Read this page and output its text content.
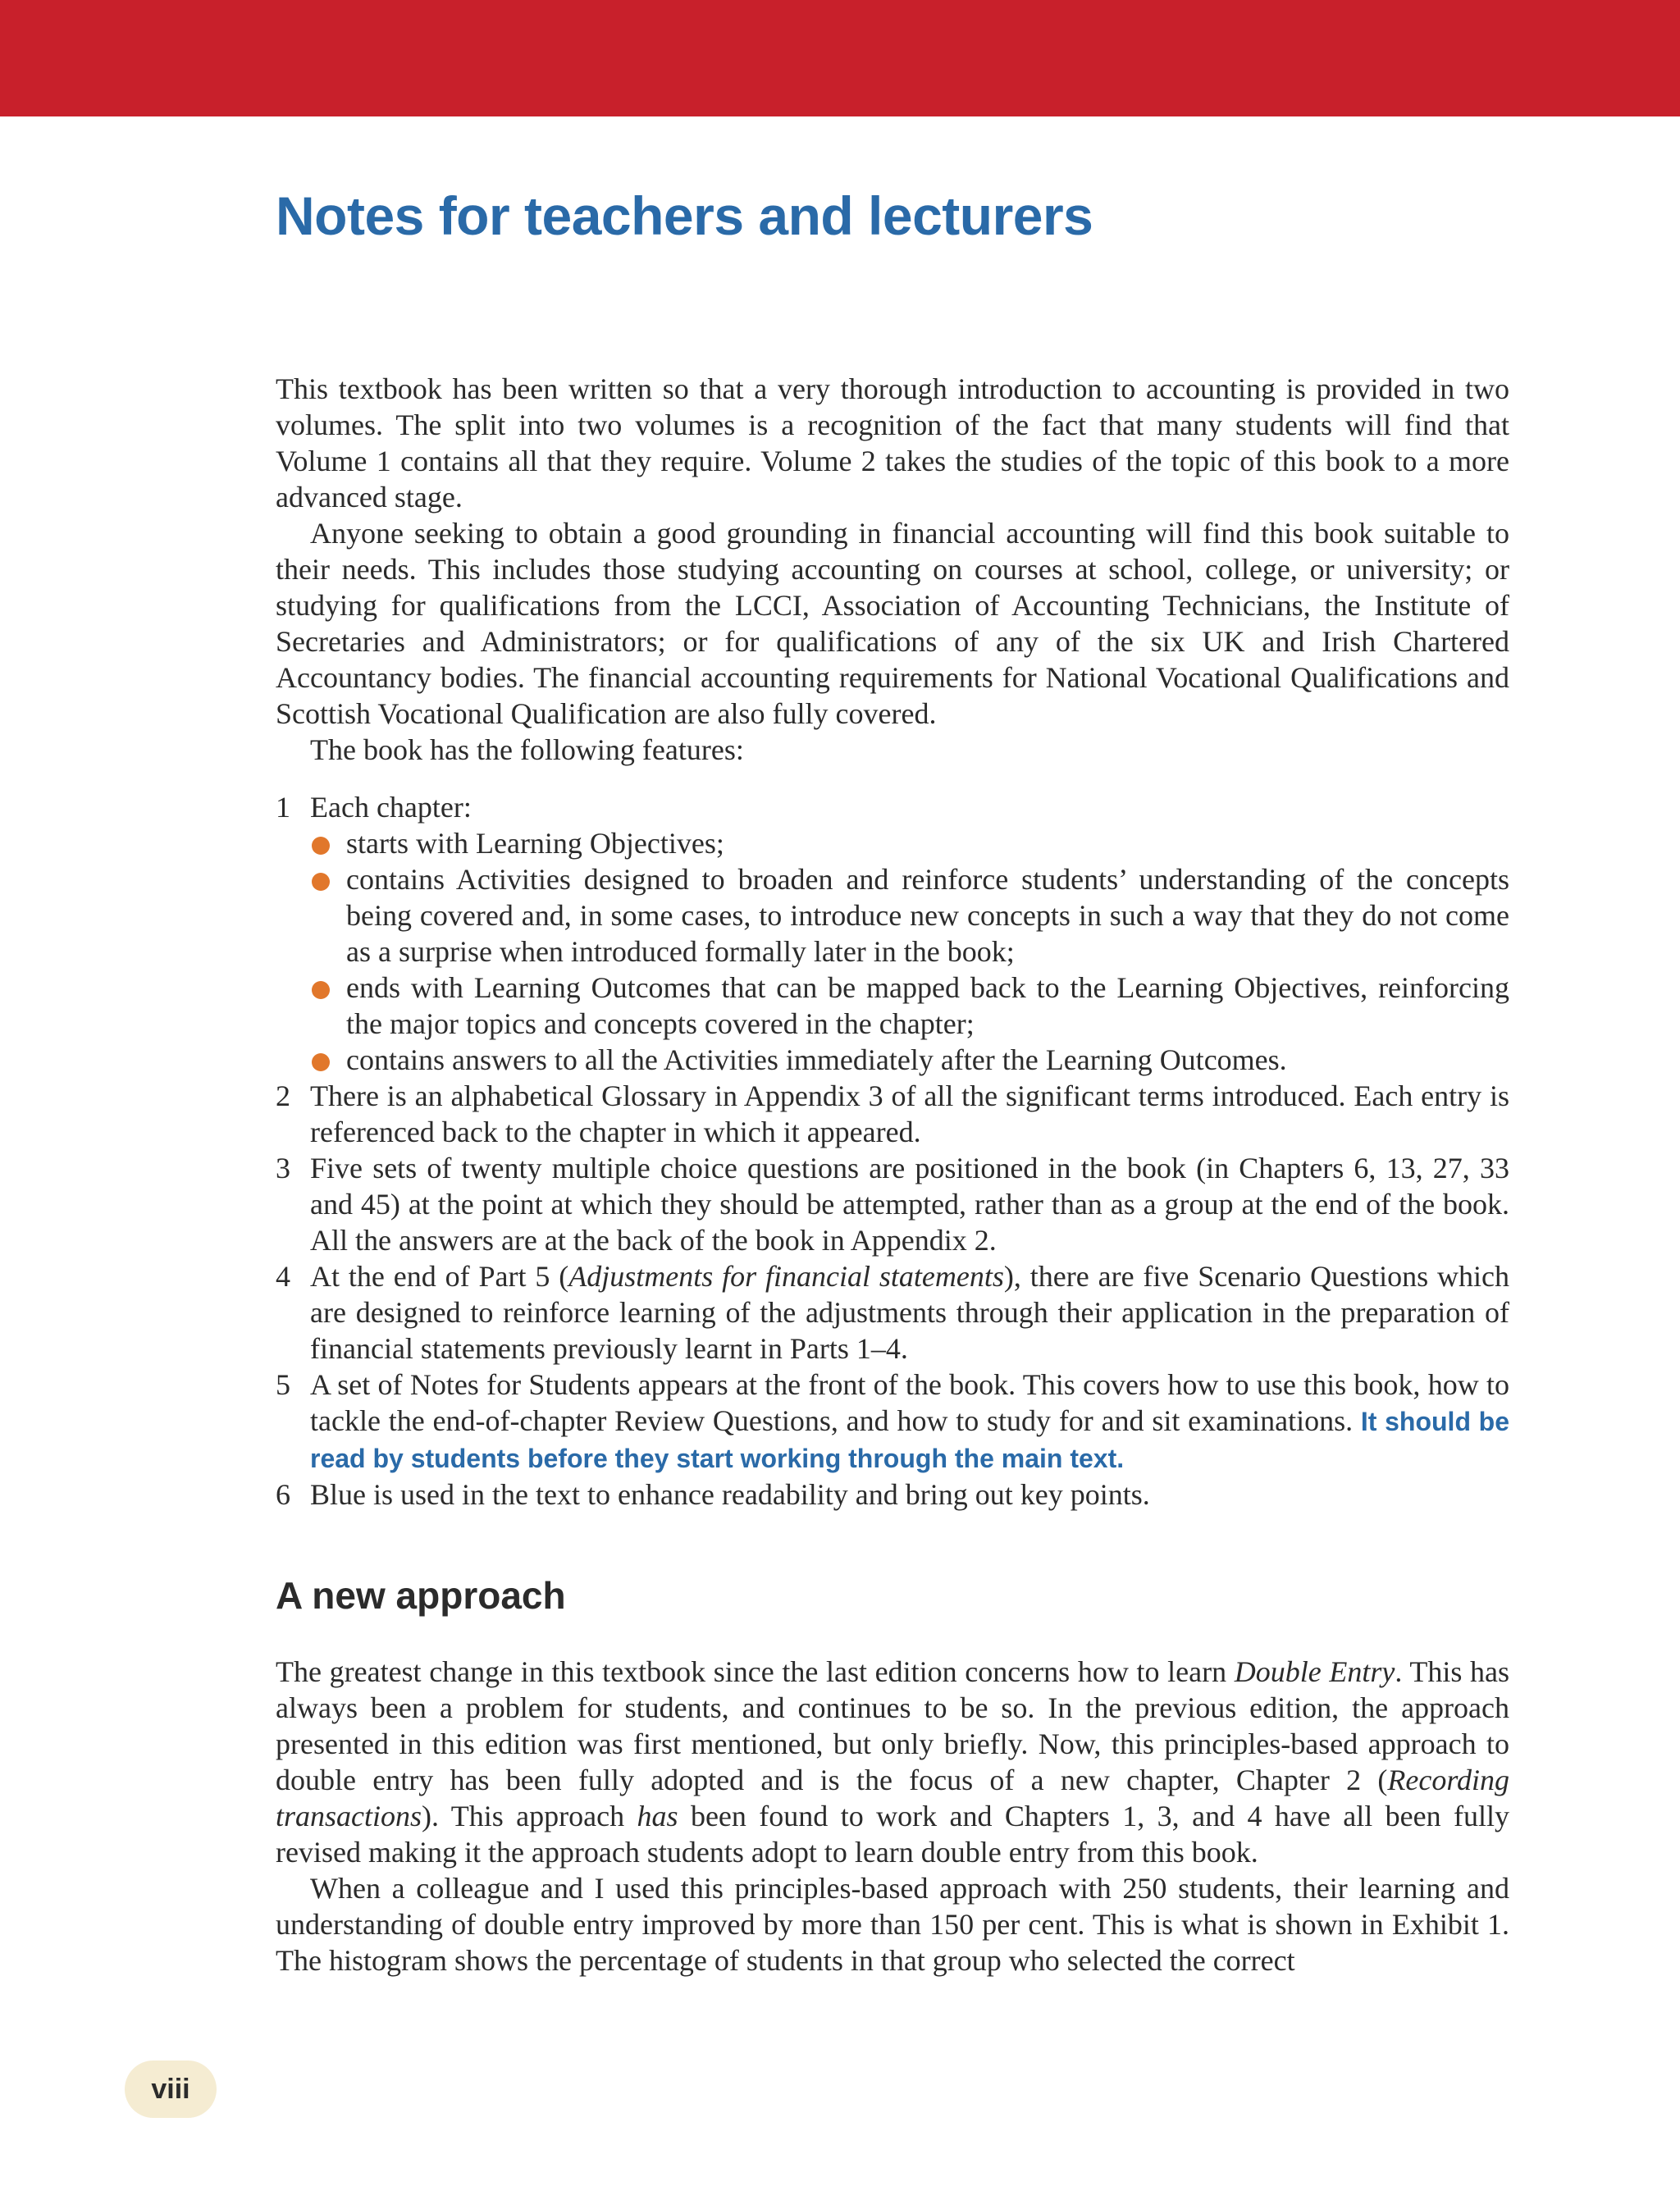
Notes for teachers and lecturers

This textbook has been written so that a very thorough introduction to accounting is provided in two volumes. The split into two volumes is a recognition of the fact that many students will find that Volume 1 contains all that they require. Volume 2 takes the studies of the topic of this book to a more advanced stage.

Anyone seeking to obtain a good grounding in financial accounting will find this book suitable to their needs. This includes those studying accounting on courses at school, college, or university; or studying for qualifications from the LCCI, Association of Accounting Technicians, the Institute of Secretaries and Administrators; or for qualifications of any of the six UK and Irish Chartered Accountancy bodies. The financial accounting requirements for National Vocational Qualifications and Scottish Vocational Qualification are also fully covered.

The book has the following features:

1 Each chapter:
starts with Learning Objectives;
contains Activities designed to broaden and reinforce students’ understanding of the concepts being covered and, in some cases, to introduce new concepts in such a way that they do not come as a surprise when introduced formally later in the book;
ends with Learning Outcomes that can be mapped back to the Learning Objectives, reinforcing the major topics and concepts covered in the chapter;
contains answers to all the Activities immediately after the Learning Outcomes.
2 There is an alphabetical Glossary in Appendix 3 of all the significant terms introduced. Each entry is referenced back to the chapter in which it appeared.
3 Five sets of twenty multiple choice questions are positioned in the book (in Chapters 6, 13, 27, 33 and 45) at the point at which they should be attempted, rather than as a group at the end of the book. All the answers are at the back of the book in Appendix 2.
4 At the end of Part 5 (Adjustments for financial statements), there are five Scenario Questions which are designed to reinforce learning of the adjustments through their application in the preparation of financial statements previously learnt in Parts 1–4.
5 A set of Notes for Students appears at the front of the book. This covers how to use this book, how to tackle the end-of-chapter Review Questions, and how to study for and sit examinations. It should be read by students before they start working through the main text.
6 Blue is used in the text to enhance readability and bring out key points.
A new approach

The greatest change in this textbook since the last edition concerns how to learn Double Entry. This has always been a problem for students, and continues to be so. In the previous edition, the approach presented in this edition was first mentioned, but only briefly. Now, this principles-based approach to double entry has been fully adopted and is the focus of a new chapter, Chapter 2 (Recording transactions). This approach has been found to work and Chapters 1, 3, and 4 have all been fully revised making it the approach students adopt to learn double entry from this book.

When a colleague and I used this principles-based approach with 250 students, their learning and understanding of double entry improved by more than 150 per cent. This is what is shown in Exhibit 1. The histogram shows the percentage of students in that group who selected the correct

viii
